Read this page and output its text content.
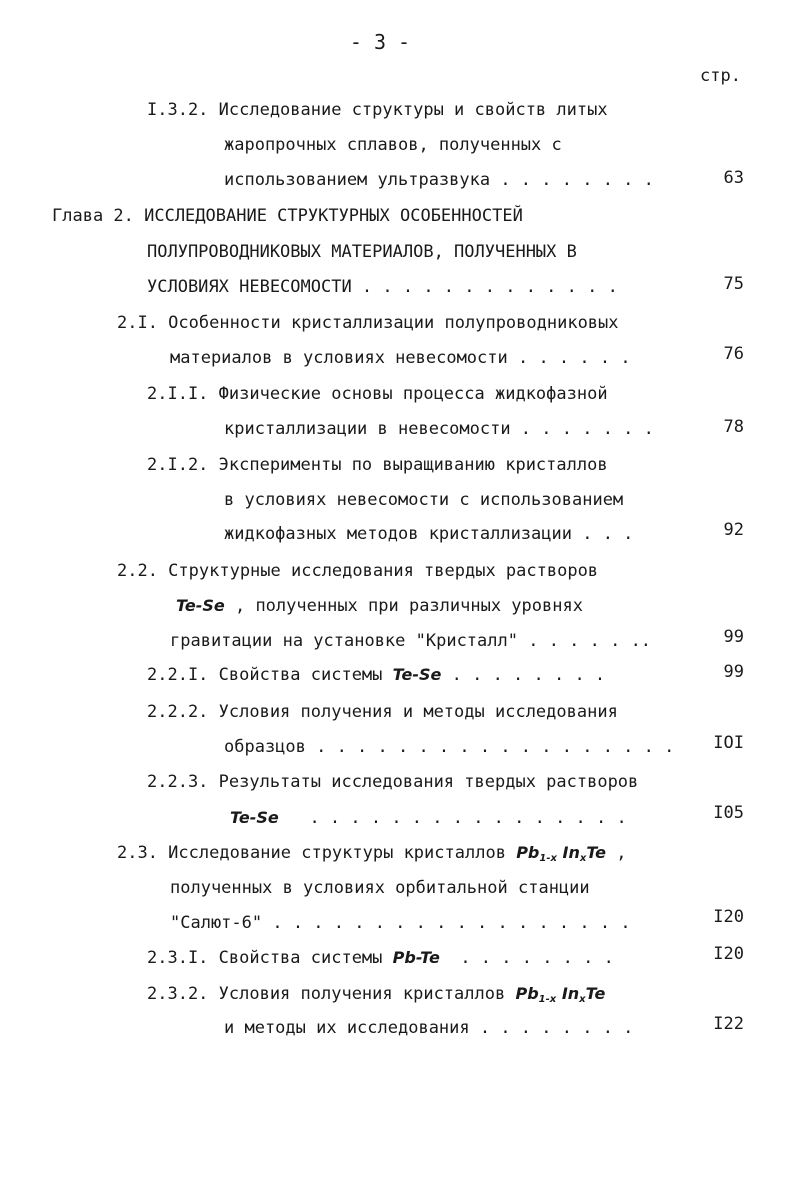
- 3 -
стр.
I.3.2. Исследование структуры и свойств литых
жаропрочных сплавов, полученных с
использованием ультразвука . . . . . . . .	63
Глава 2. ИССЛЕДОВАНИЕ СТРУКТУРНЫХ ОСОБЕННОСТЕЙ
ПОЛУПРОВОДНИКОВЫХ МАТЕРИАЛОВ, ПОЛУЧЕННЫХ В
УСЛОВИЯХ НЕВЕСОМОСТИ . . . . . . . . . . . . .	75
2.I. Особенности кристаллизации полупроводниковых
материалов в условиях невесомости . . . . . .	76
2.I.I. Физические основы процесса жидкофазной
кристаллизации в невесомости . . . . . . .	78
2.I.2. Эксперименты по выращиванию кристаллов
в условиях невесомости с использованием
жидкофазных методов кристаллизации . . .	92
2.2. Структурные исследования твердых растворов
Te-Se , полученных при различных уровнях
гравитации на установке "Кристалл" . . . . . ..	99
2.2.I. Свойства системы Te-Se . . . . . . . .	99
2.2.2. Условия получения и методы исследования
образцов . . . . . . . . . . . . . . . . . . IOI
2.2.3. Результаты исследования твердых растворов
Te-Se . . . . . . . . . . . . . . . .	I05
2.3. Исследование структуры кристаллов $Pb_{1-x}$ $In_xTe$ ,
полученных в условиях орбитальной станции
"Салют-6" . . . . . . . . . . . . . . . . . .	I20
2.3.I. Свойства системы Pb-Te . . . . . . . .	I20
2.3.2. Условия получения кристаллов $Pb_{1-x}$ $In_xTe$
и методы их исследования . . . . . . . .	I22
